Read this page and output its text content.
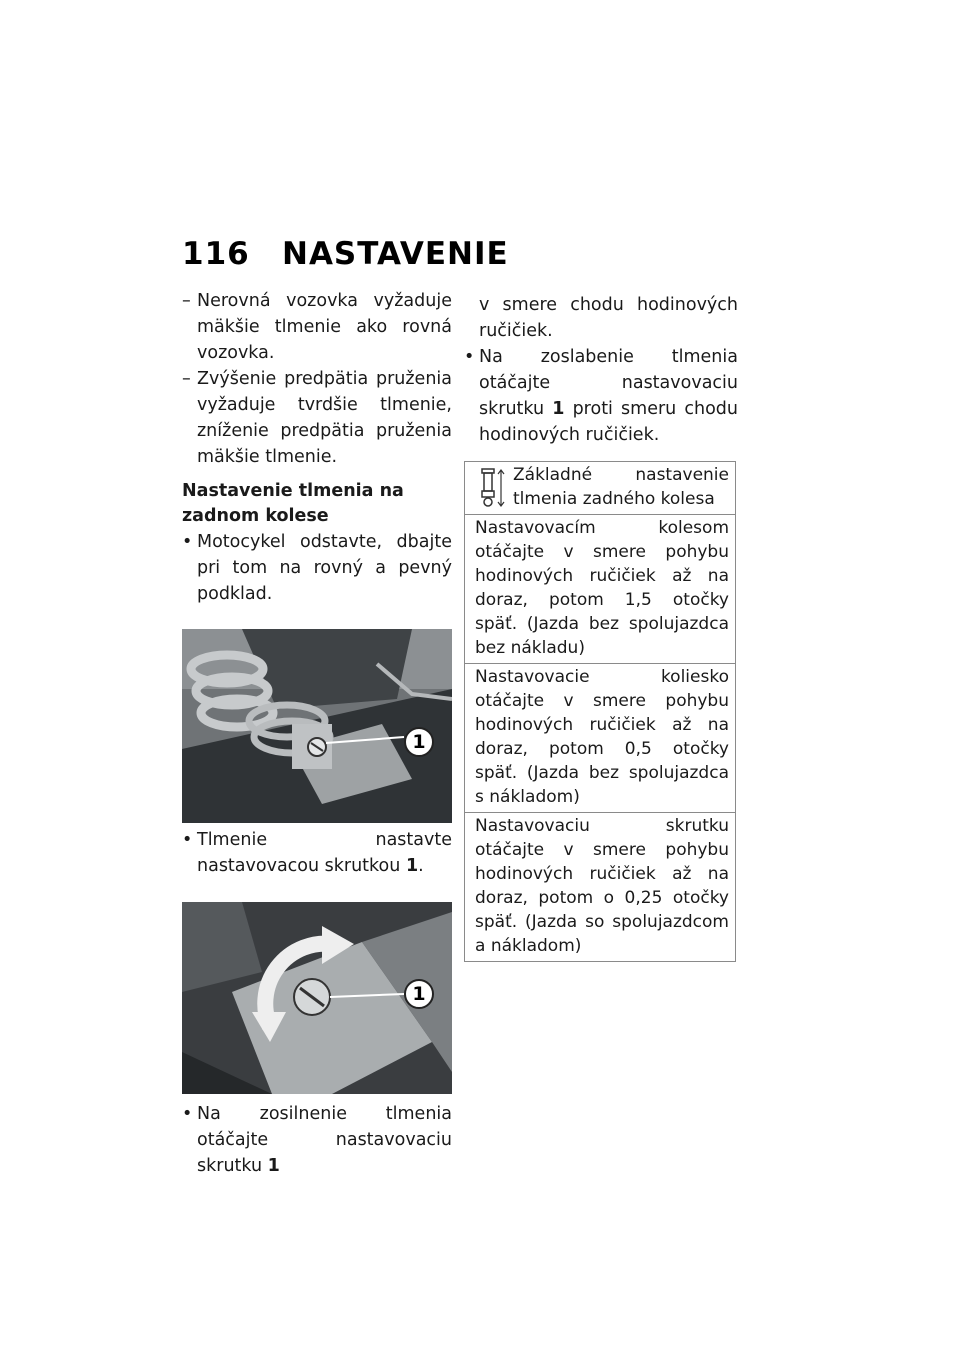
116 NASTAVENIE
– Nerovná vozovka vyžaduje mäkšie tlmenie ako rovná vozovka.
– Zvýšenie predpätia pruženia vyžaduje tvrdšie tlmenie, zníženie predpätia pruženia mäkšie tlmenie.
Nastavenie tlmenia na zadnom kolese
• Motocykel odstavte, dbajte pri tom na rovný a pevný podklad.
1
• Tlmenie nastavte nastavovacou skrutkou 1.
1
• Na zosilnenie tlmenia otáčajte nastavovaciu skrutku 1
v smere chodu hodinových ručičiek.
• Na zoslabenie tlmenia otáčajte nastavovaciu skrutku 1 proti smeru chodu hodinových ručičiek.
Základné nastavenie tlmenia zadného kolesa
Nastavovacím kolesom otáčajte v smere pohybu hodinových ručičiek až na doraz, potom 1,5 otočky späť. (Jazda bez spolujazdca bez nákladu)
Nastavovacie koliesko otáčajte v smere pohybu hodinových ručičiek až na doraz, potom 0,5 otočky späť. (Jazda bez spolujazdca s nákladom)
Nastavovaciu skrutku otáčajte v smere pohybu hodinových ručičiek až na doraz, potom o 0,25 otočky späť. (Jazda so spolujazdcom a nákladom)
